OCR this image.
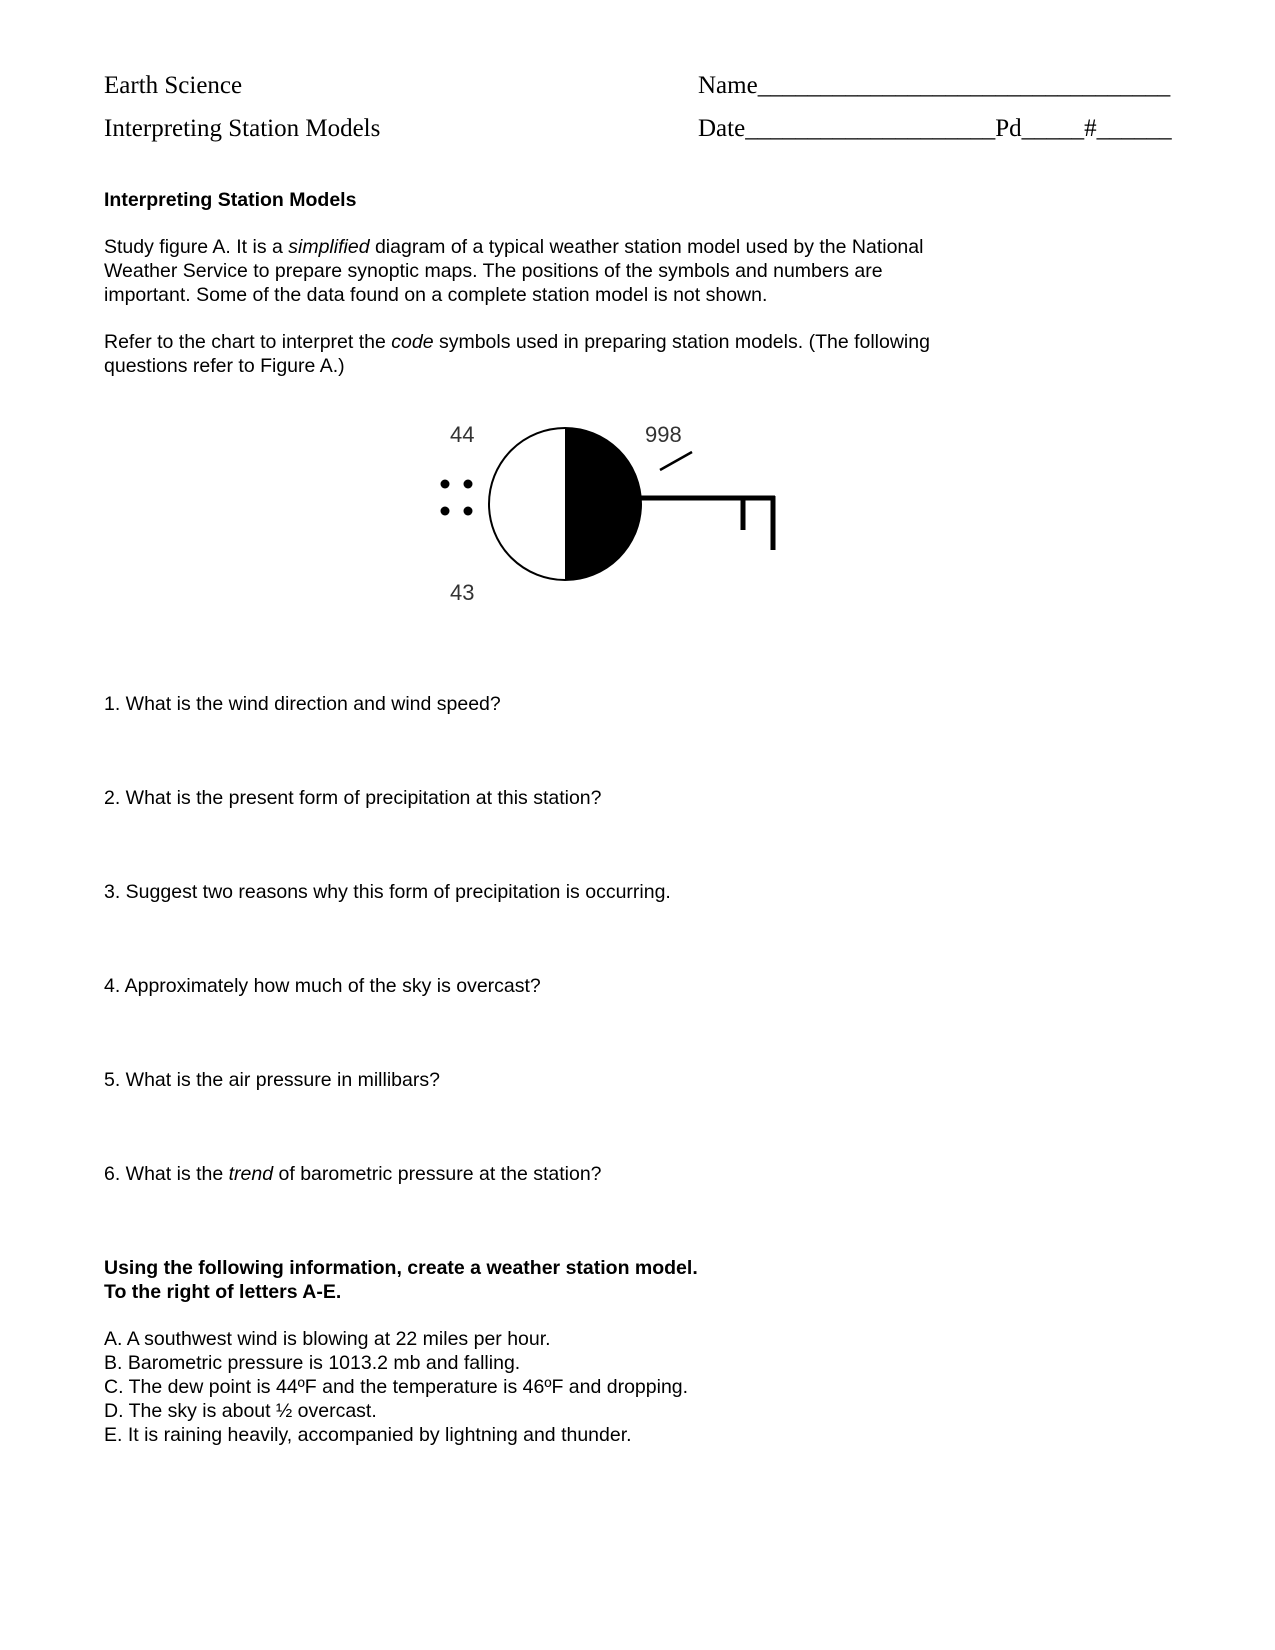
Earth Science	Name_________________________________
Interpreting Station Models	Date____________________Pd_____#______
Interpreting Station Models

Study figure A. It is a simplified diagram of a typical weather station model used by the National

Weather Service to prepare synoptic maps. The positions of the symbols and numbers are

important. Some of the data found on a complete station model is not shown.

Refer to the chart to interpret the code symbols used in preparing station models. (The following

questions refer to Figure A.)

44
43
998
1. What is the wind direction and wind speed?
2. What is the present form of precipitation at this station?
3. Suggest two reasons why this form of precipitation is occurring.
4. Approximately how much of the sky is overcast?
5. What is the air pressure in millibars?
6. What is the trend of barometric pressure at the station?

Using the following information, create a weather station model.

To the right of letters A-E.

A. A southwest wind is blowing at 22 miles per hour.

B. Barometric pressure is 1013.2 mb and falling.

C. The dew point is 44ºF and the temperature is 46ºF and dropping.

D. The sky is about ½ overcast.

E. It is raining heavily, accompanied by lightning and thunder.
